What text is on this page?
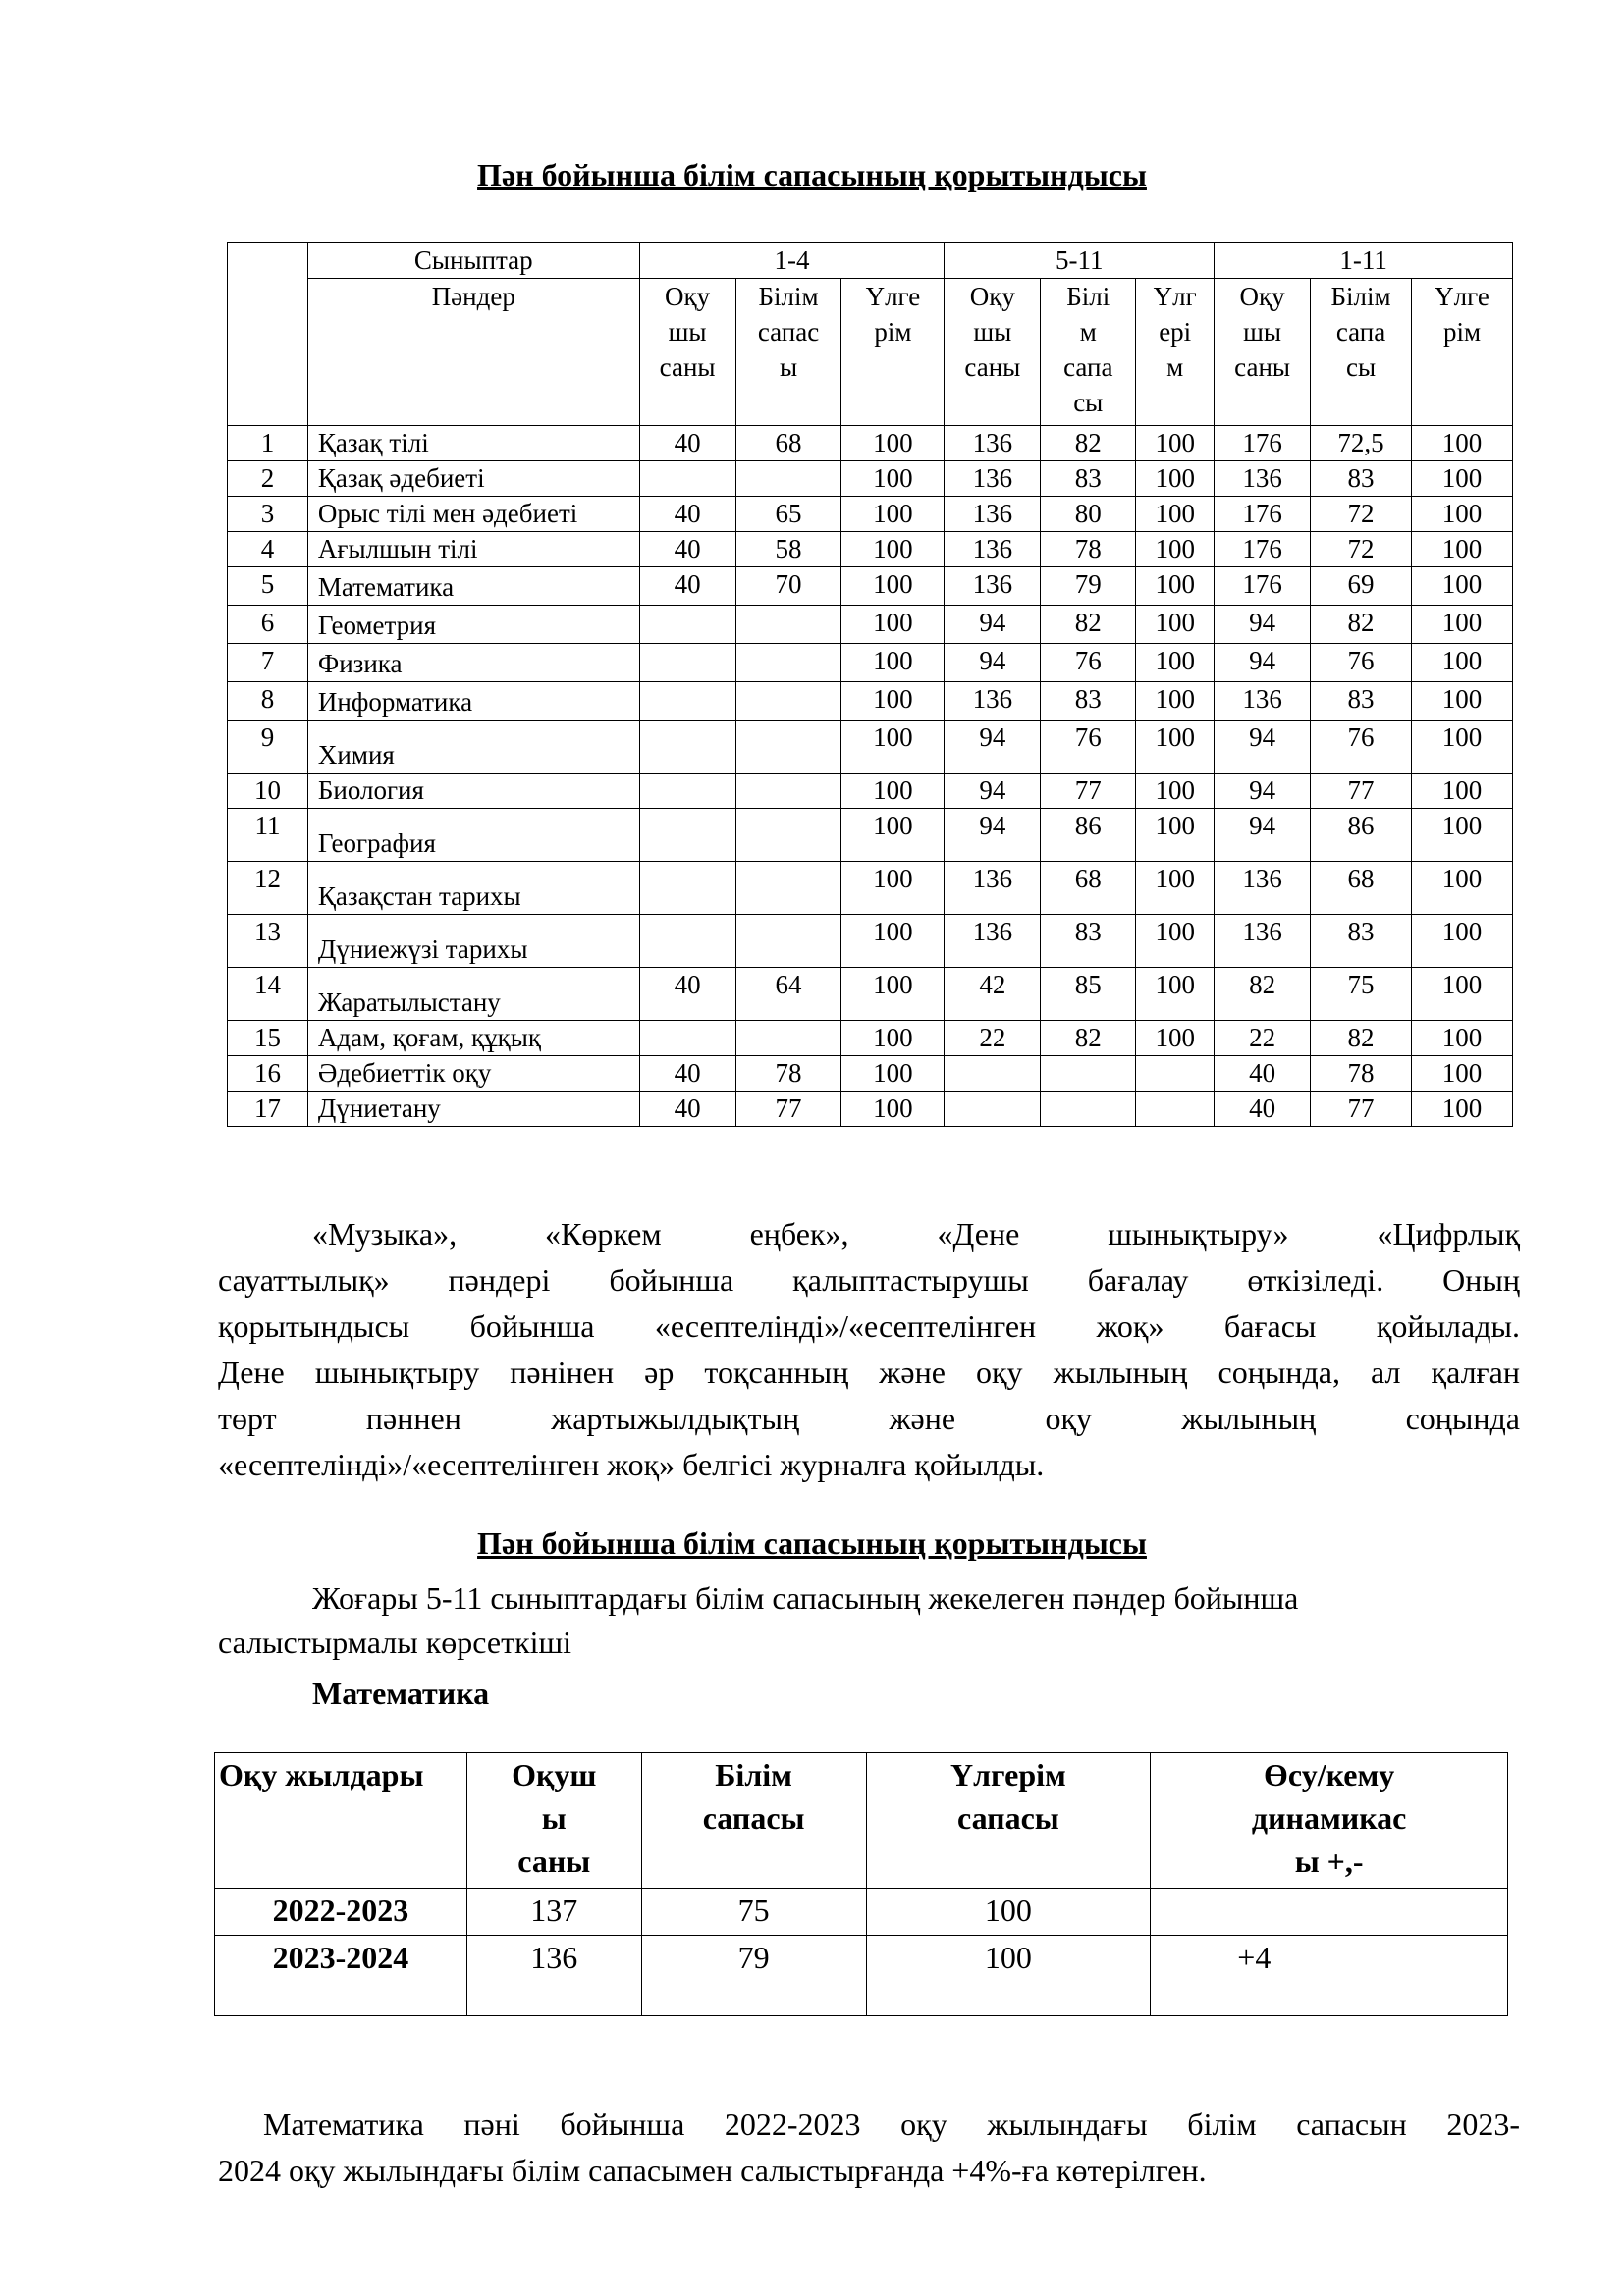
Пән бойынша білім сапасының қорытындысы
	Сыныптар	1-4			5-11			1-11		
	Пәндер	Оқу
шы
саны	Білім
сапас
ы	Үлге
рім	Оқу
шы
саны	Білі
м
сапа
сы	Үлг
ері
м	Оқу
шы
саны	Білім
сапа
сы	Үлге
рім
1	Қазақ тілі	40	68	100	136	82	100	176	72,5	100
2	Қазақ әдебиеті			100	136	83	100	136	83	100
3	Орыс тілі мен әдебиеті	40	65	100	136	80	100	176	72	100
4	Ағылшын тілі	40	58	100	136	78	100	176	72	100
5	Математика	40	70	100	136	79	100	176	69	100
6	Геометрия			100	94	82	100	94	82	100
7	Физика			100	94	76	100	94	76	100
8	Информатика			100	136	83	100	136	83	100
9	Химия			100	94	76	100	94	76	100
10	Биология			100	94	77	100	94	77	100
11	География			100	94	86	100	94	86	100
12	Қазақстан тарихы			100	136	68	100	136	68	100
13	Дүниежүзі тарихы			100	136	83	100	136	83	100
14	Жаратылыстану	40	64	100	42	85	100	82	75	100
15	Адам, қоғам, құқық			100	22	82	100	22	82	100
16	Әдебиеттік оқу	40	78	100				40	78	100
17	Дүниетану	40	77	100				40	77	100
«Музыка», «Көркем еңбек», «Дене шынықтыру» «Цифрлық
сауаттылық» пәндері бойынша қалыптастырушы бағалау өткізіледі. Оның
қорытындысы бойынша «есептелінді»/«есептелінген жоқ» бағасы қойылады.
Дене шынықтыру пәнінен әр тоқсанның және оқу жылының соңында, ал қалған
төрт пәннен жартыжылдықтың және оқу жылының соңында
«есептелінді»/«есептелінген жоқ» белгісі журналға қойылды.
Пән бойынша білім сапасының қорытындысы
Жоғары 5-11 сыныптардағы білім сапасының жекелеген пәндер бойынша
салыстырмалы көрсеткіші
Математика
Оқу жылдары	Оқуш
ы
саны	Білім
сапасы	Үлгерім
сапасы	Өсу/кему
динамикас
ы +,-
2022-2023	137	75	100	
2023-2024	136	79	100	+4
Математика пәні бойынша 2022-2023 оқу жылындағы білім сапасын 2023-
2024 оқу жылындағы білім сапасымен салыстырғанда +4%-ға көтерілген.
